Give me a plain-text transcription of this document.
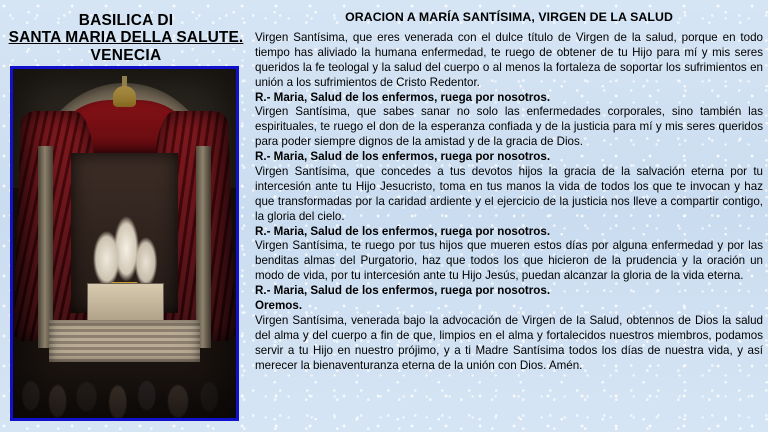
BASILICA DI
SANTA MARIA DELLA SALUTE.
VENECIA
ORACION A MARÍA SANTÍSIMA, VIRGEN DE LA SALUD

Virgen Santísima, que eres venerada con el dulce título de Virgen de la salud, porque en todo tiempo has aliviado la humana enfermedad, te ruego de obtener de tu Hijo para mí y mis seres queridos la fe teologal y la salud del cuerpo o al menos la fortaleza de soportar los sufrimientos en unión a los sufrimientos de Cristo Redentor.

R.- Maria, Salud de los enfermos, ruega por nosotros.

Virgen Santísima, que sabes sanar no solo las enfermedades corporales, sino también las espirituales, te ruego el don de la esperanza confiada y de la justicia para mí y mis seres queridos para poder siempre dignos de la amistad y de la gracia de Dios.

R.- Maria, Salud de los enfermos, ruega por nosotros.

Virgen Santísima, que concedes a tus devotos hijos la gracia de la salvación eterna por tu intercesión ante tu Hijo Jesucristo, toma en tus manos la vida de todos los que te invocan y haz que transformadas por la caridad ardiente y el ejercicio de la justicia nos lleve a compartir contigo, la gloria del cielo.

R.- Maria, Salud de los enfermos, ruega por nosotros.

Virgen Santísima, te ruego por tus hijos que mueren estos días por alguna enfermedad y por las benditas almas del Purgatorio, haz que todos los que hicieron de la prudencia y la oración un modo de vida, por tu intercesión ante tu Hijo Jesús, puedan alcanzar la gloria de la vida eterna.

R.- Maria, Salud de los enfermos, ruega por nosotros.

Oremos.

Virgen Santísima, venerada bajo la advocación de Virgen de la Salud, obtennos de Dios la salud del alma y del cuerpo a fin de que, limpios en el alma y fortalecidos nuestros miembros, podamos servir a tu Hijo en nuestro prójimo, y a ti Madre Santísima todos los días de nuestra vida, y así merecer la bienaventuranza eterna de la unión con Dios. Amén.
